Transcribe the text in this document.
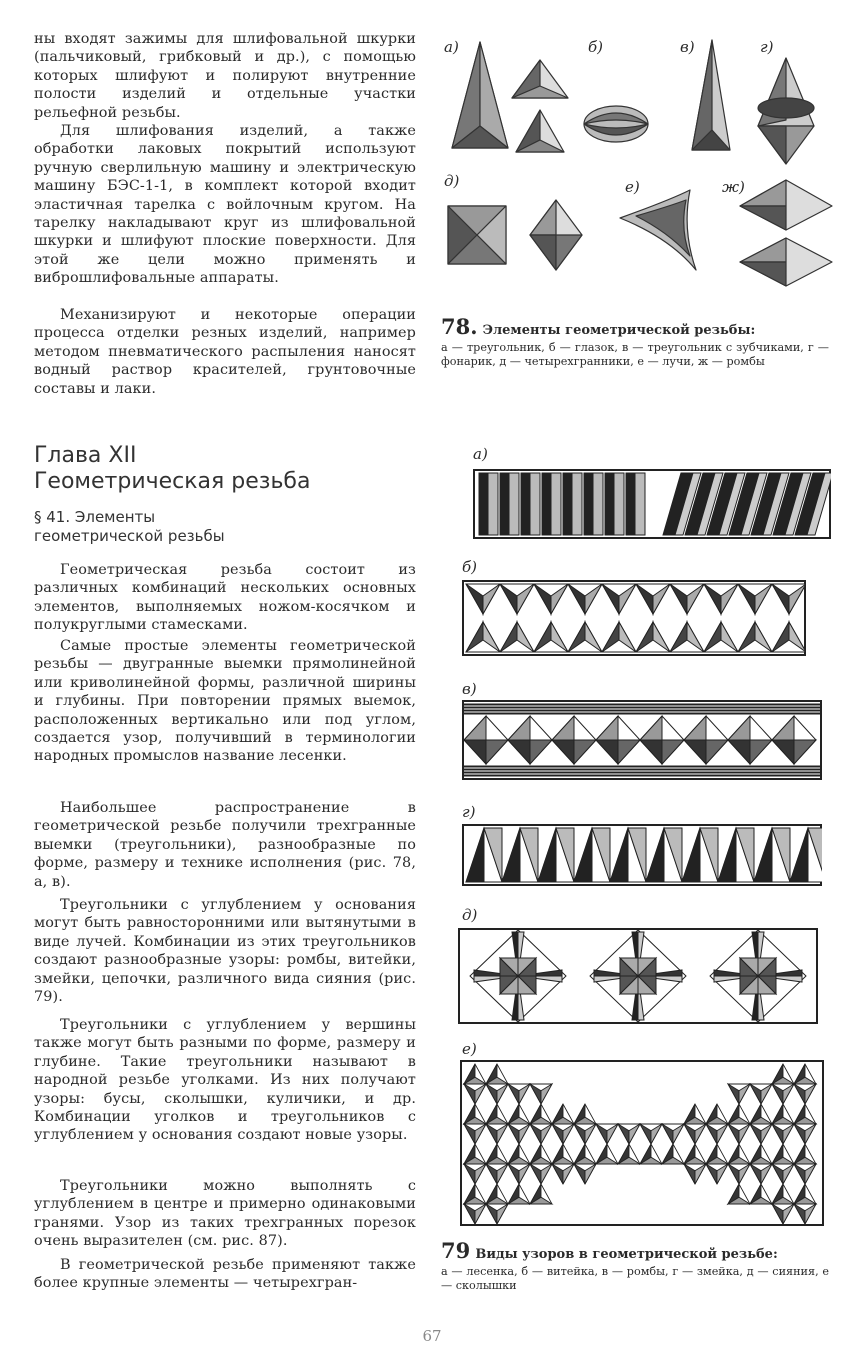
ны входят зажимы для шлифовальной шкурки (пальчиковый, грибковый и др.), с помощью которых шлифуют и полируют внутренние полости изделий и отдельные участки рельефной резьбы.

Для шлифования изделий, а также обработки лаковых покрытий используют ручную сверлильную машину и электрическую машину БЭС-1-1, в комплект которой входит эластичная тарелка с войлочным кругом. На тарелку накладывают круг из шлифовальной шкурки и шлифуют плоские поверхности. Для этой же цели можно применять и виброшлифовальные аппараты.

Механизируют и некоторые операции процесса отделки резных изделий, например методом пневматического распыления наносят водный раствор красителей, грунтовочные составы и лаки.

Глава XII
Геометрическая резьба
§ 41. Элементы
геометрической резьбы

Геометрическая резьба состоит из различных комбинаций нескольких основных элементов, выполняемых ножом-косячком и полукруглыми стамесками.

Самые простые элементы геометрической резьбы — двугранные выемки прямолинейной или криволинейной формы, различной ширины и глубины. При повторении прямых выемок, расположенных вертикально или под углом, создается узор, получивший в терминологии народных промыслов название лесенки.

Наибольшее распространение в геометрической резьбе получили трехгранные выемки (треугольники), разнообразные по форме, размеру и технике исполнения (рис. 78, а, в).

Треугольники с углублением у основания могут быть равносторонними или вытянутыми в виде лучей. Комбинации из этих треугольников создают разнообразные узоры: ромбы, витейки, змейки, цепочки, различного вида сияния (рис. 79).

Треугольники с углублением у вершины также могут быть разными по форме, размеру и глубине. Такие треугольники называют в народной резьбе уголками. Из них получают узоры: бусы, сколышки, куличики, и др. Комбинации уголков и треугольников с углублением у основания создают новые узоры.

Треугольники можно выполнять с углублением в центре и примерно одинаковыми гранями. Узор из таких трехгранных порезок очень выразителен (см. рис. 87).

В геометрической резьбе применяют также более крупные элементы — четырехгран-

а)	б)	в)	г)
д)	е)	ж)
78. Элементы геометрической резьбы:

а — треугольник, б — глазок, в — треугольник с зубчиками, г — фонарик, д — четырехгранники, е — лучи, ж — ромбы

а)
б)
в)
г)
д)
е)
79 Виды узоров в геометрической резьбе:

а — лесенка, б — витейка, в — ромбы, г — змейка, д — сияния, е — сколышки

67
